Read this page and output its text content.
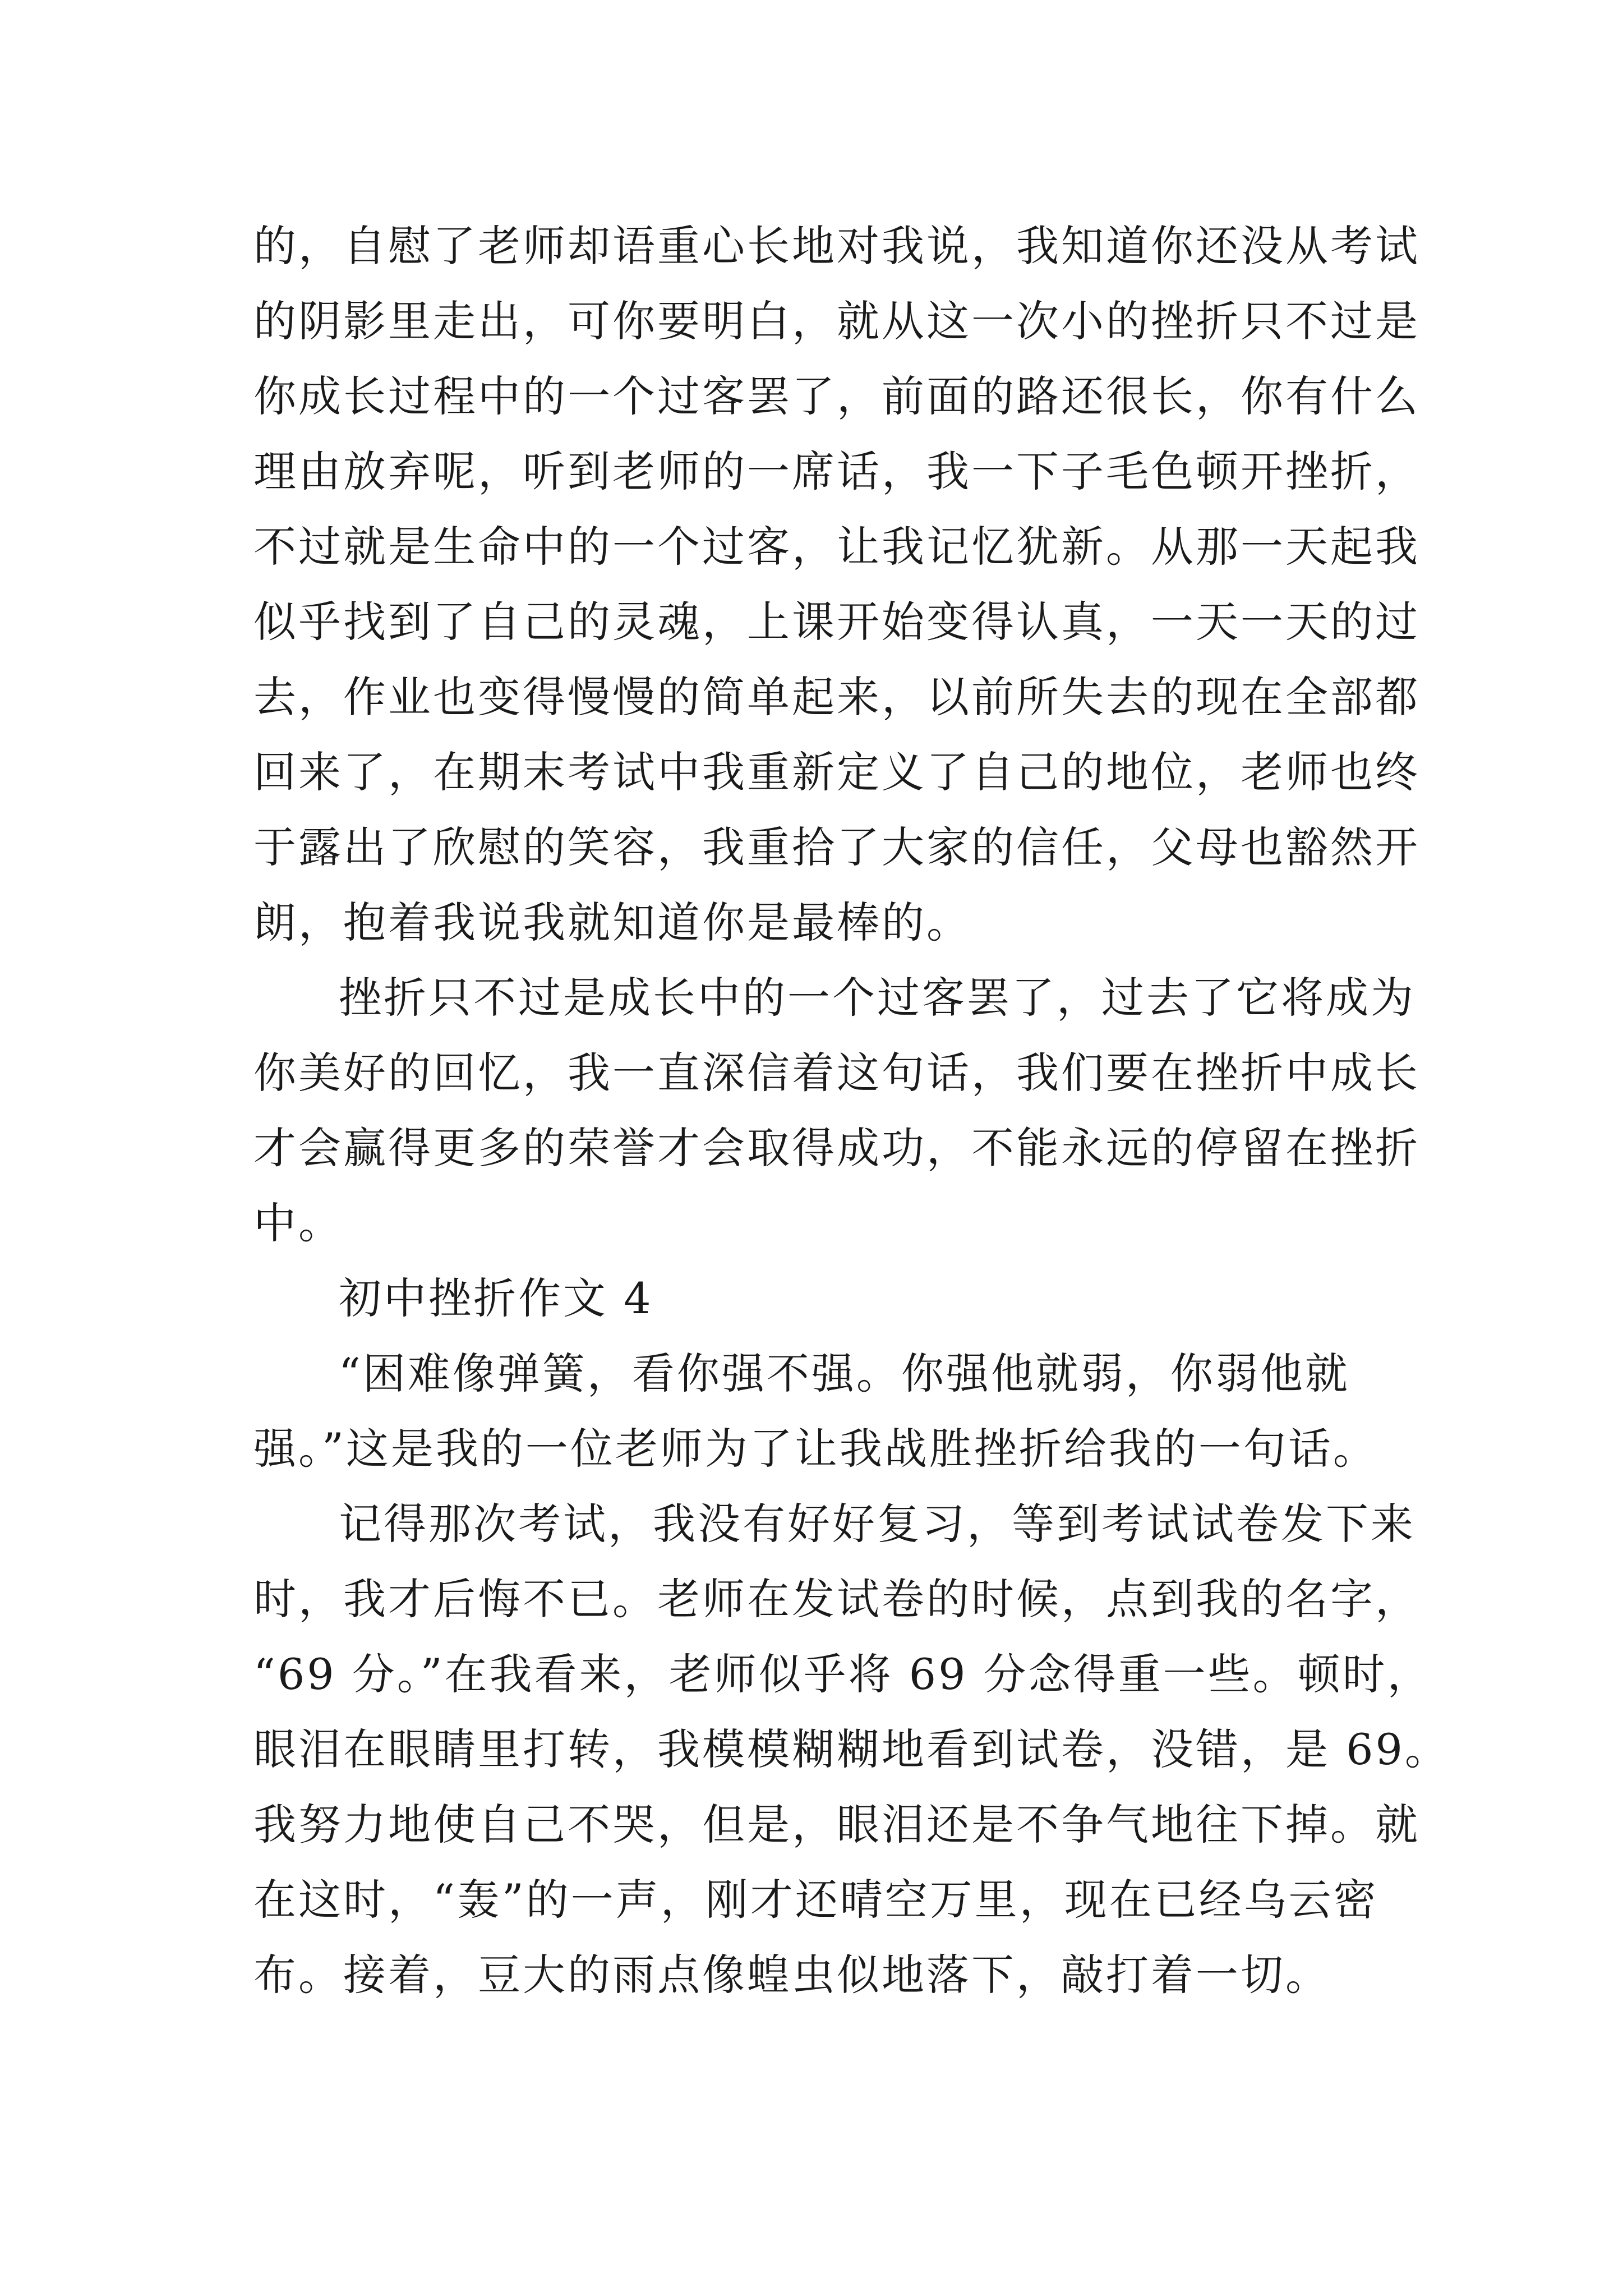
的，自慰了老师却语重心长地对我说，我知道你还没从考试
的阴影里走出，可你要明白，就从这一次小的挫折只不过是
你成长过程中的一个过客罢了，前面的路还很长，你有什么
理由放弃呢，听到老师的一席话，我一下子毛色顿开挫折，
不过就是生命中的一个过客，让我记忆犹新。从那一天起我
似乎找到了自己的灵魂，上课开始变得认真，一天一天的过
去，作业也变得慢慢的简单起来，以前所失去的现在全部都
回来了，在期末考试中我重新定义了自己的地位，老师也终
于露出了欣慰的笑容，我重拾了大家的信任，父母也豁然开
朗，抱着我说我就知道你是最棒的。

挫折只不过是成长中的一个过客罢了，过去了它将成为
你美好的回忆，我一直深信着这句话，我们要在挫折中成长
才会赢得更多的荣誉才会取得成功，不能永远的停留在挫折
中。

初中挫折作文 4

“困难像弹簧，看你强不强。你强他就弱，你弱他就
强。”这是我的一位老师为了让我战胜挫折给我的一句话。

记得那次考试，我没有好好复习，等到考试试卷发下来
时，我才后悔不已。老师在发试卷的时候，点到我的名字，
“69 分。”在我看来，老师似乎将 69 分念得重一些。顿时，
眼泪在眼睛里打转，我模模糊糊地看到试卷，没错，是 69。
我努力地使自己不哭，但是，眼泪还是不争气地往下掉。就
在这时，“轰”的一声，刚才还晴空万里，现在已经乌云密
布。接着，豆大的雨点像蝗虫似地落下，敲打着一切。
